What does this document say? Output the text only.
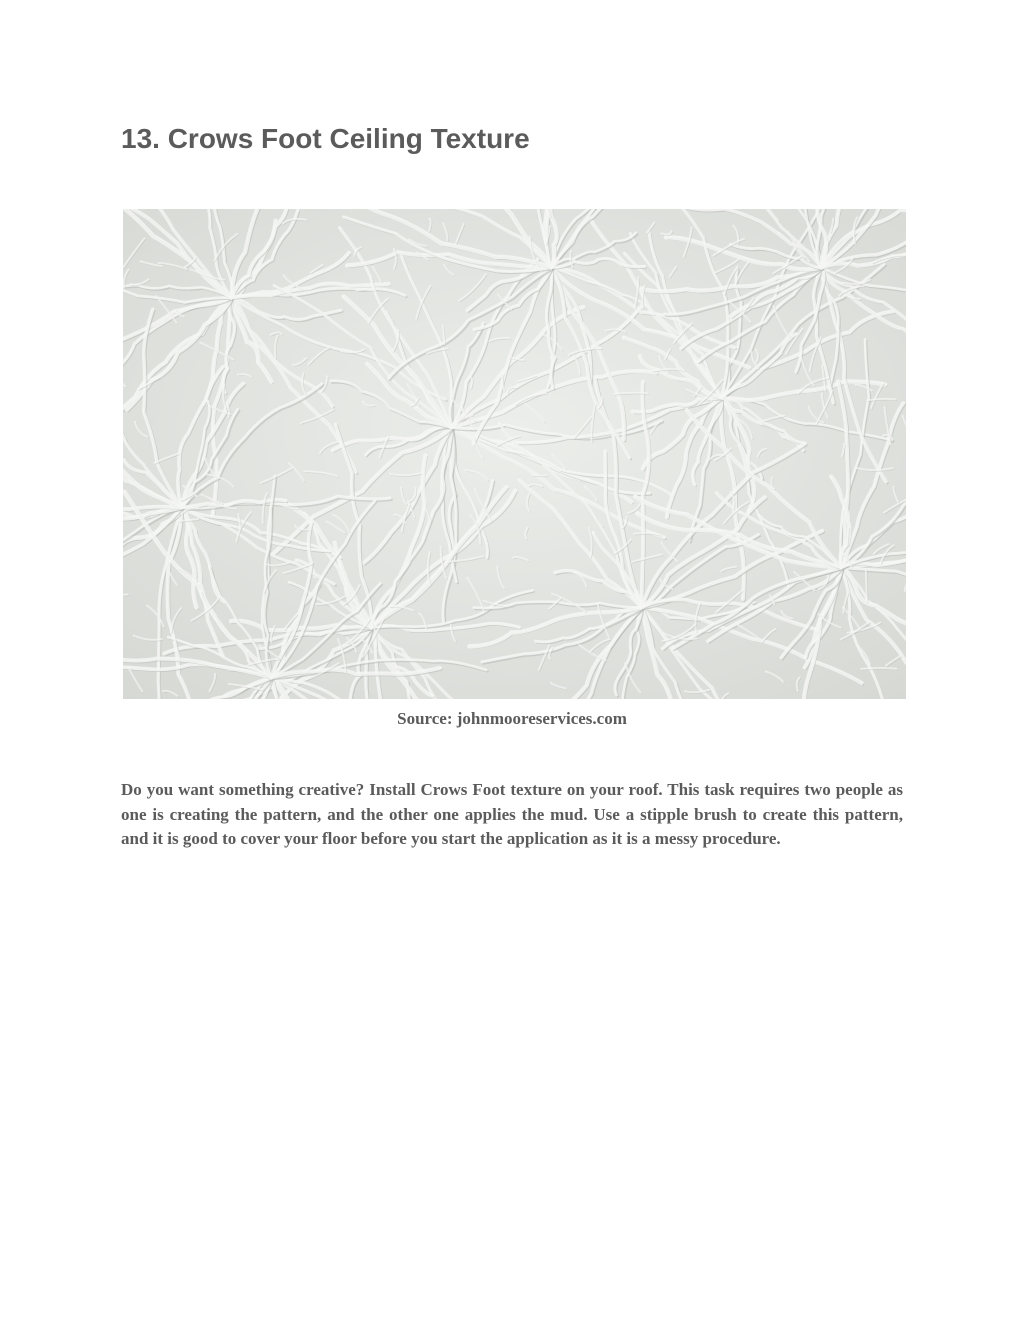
13. Crows Foot Ceiling Texture
Source: johnmooreservices.com

Do you want something creative? Install Crows Foot texture on your roof. This task requires two people as one is creating the pattern, and the other one applies the mud. Use a stipple brush to create this pattern, and it is good to cover your floor before you start the application as it is a messy procedure.
